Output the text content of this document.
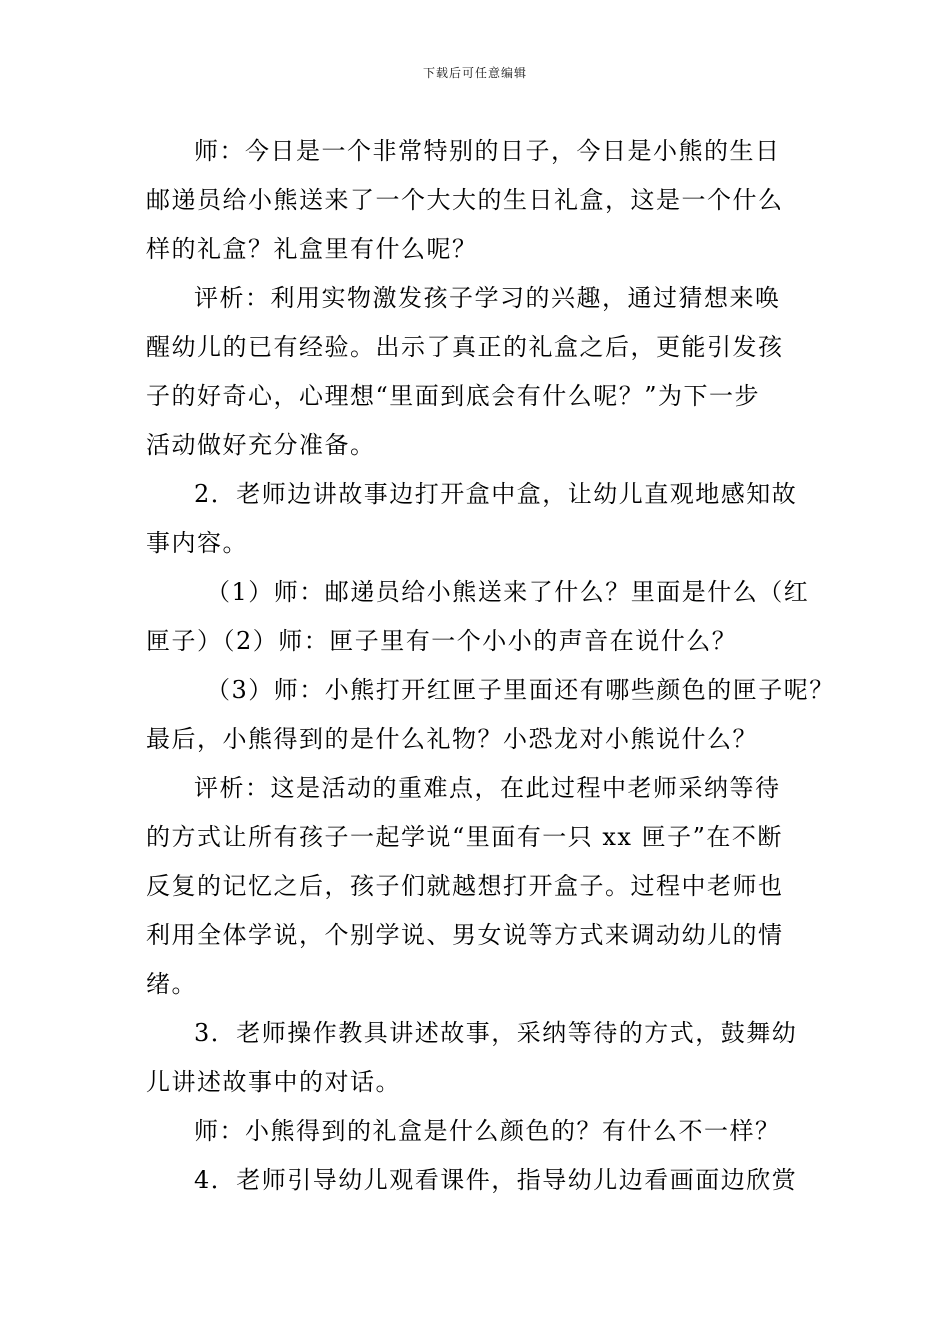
下载后可任意编辑
师：今日是一个非常特别的日子，今日是小熊的生日
邮递员给小熊送来了一个大大的生日礼盒，这是一个什么
样的礼盒？礼盒里有什么呢？
评析：利用实物激发孩子学习的兴趣，通过猜想来唤
醒幼儿的已有经验。出示了真正的礼盒之后，更能引发孩
子的好奇心，心理想“里面到底会有什么呢？”为下一步
活动做好充分准备。
2．老师边讲故事边打开盒中盒，让幼儿直观地感知故
事内容。
（1）师：邮递员给小熊送来了什么？里面是什么（红
匣子）（2）师：匣子里有一个小小的声音在说什么？
（3）师：小熊打开红匣子里面还有哪些颜色的匣子呢？
最后，小熊得到的是什么礼物？小恐龙对小熊说什么？
评析：这是活动的重难点，在此过程中老师采纳等待
的方式让所有孩子一起学说“里面有一只 xx 匣子”在不断
反复的记忆之后，孩子们就越想打开盒子。过程中老师也
利用全体学说，个别学说、男女说等方式来调动幼儿的情
绪。
3．老师操作教具讲述故事，采纳等待的方式，鼓舞幼
儿讲述故事中的对话。
师：小熊得到的礼盒是什么颜色的？有什么不一样？
4．老师引导幼儿观看课件，指导幼儿边看画面边欣赏
